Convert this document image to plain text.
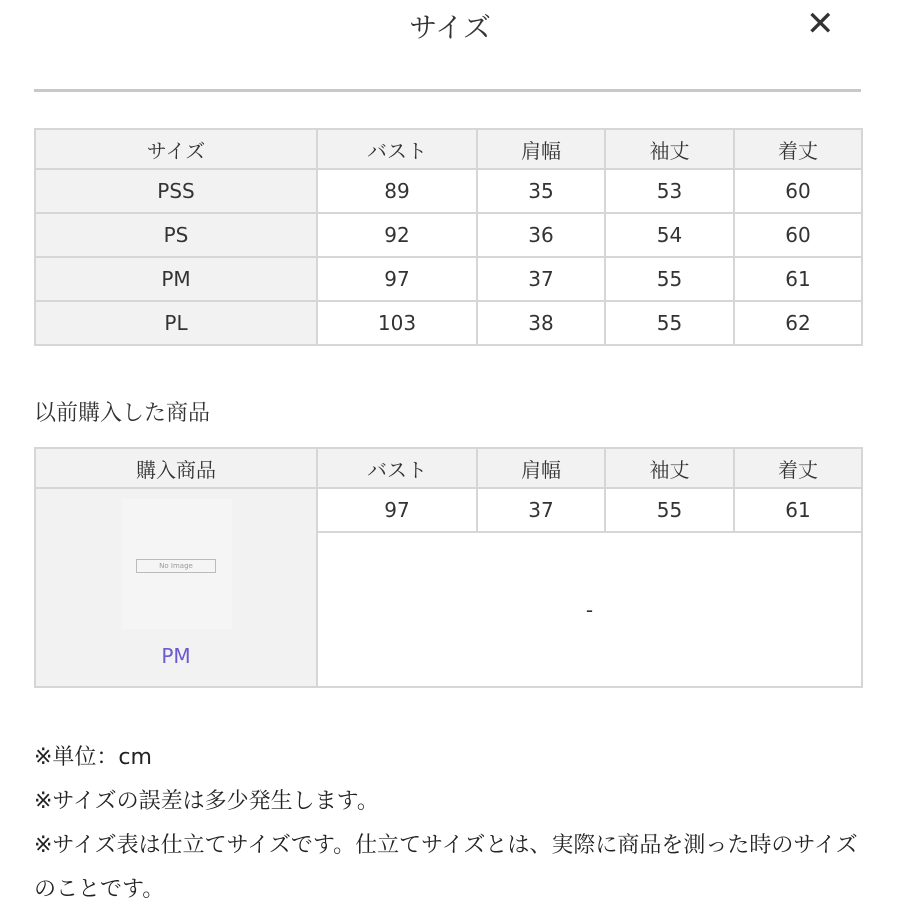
サイズ	✕
サイズ	バスト	肩幅	袖丈	着丈
PSS	89	35	53	60
PS	92	36	54	60
PM	97	37	55	61
PL	103	38	55	62
以前購入した商品
購入商品	バスト	肩幅	袖丈	着丈

No Image
PM	97	37	55	61
	-			
※単位：cm
※サイズの誤差は多少発生します。
※サイズ表は仕立てサイズです。仕立てサイズとは、実際に商品を測った時のサイズのことです。
